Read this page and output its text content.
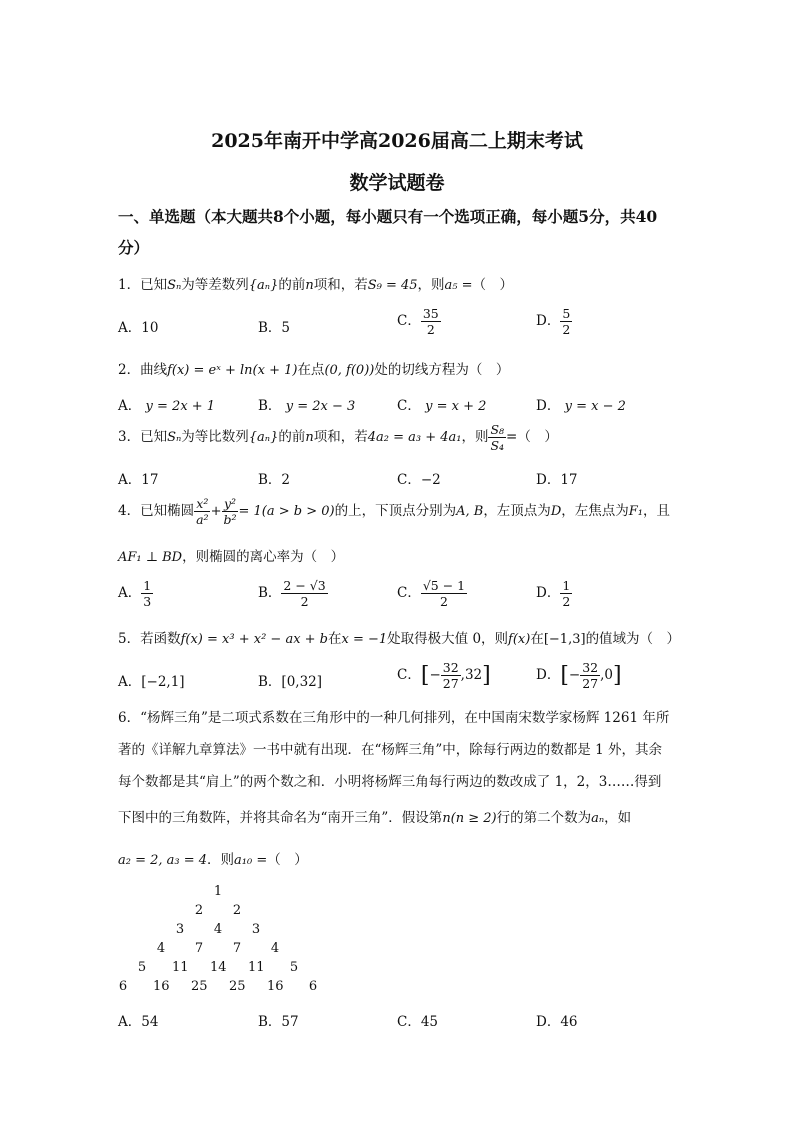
2025年南开中学高2026届高二上期末考试
数学试题卷
一、单选题（本大题共8个小题，每小题只有一个选项正确，每小题5分，共40
分）
1．已知Sₙ为等差数列{aₙ}的前n项和，若S₉ = 45，则a₅ =（　）
A．10	B．5	C． $\frac{35}{2}$	D． $\frac{5}{2}$
2．曲线f(x) = eˣ + ln(x + 1)在点(0, f(0))处的切线方程为（　）
A． y = 2x + 1	B． y = 2x − 3	C． y = x + 2	D． y = x − 2
3．已知Sₙ为等比数列{aₙ}的前n项和，若4a₂ = a₃ + 4a₁，则 $\frac{\text{S₈}}{\text{S₄}}$ =（　）
A．17	B．2	C．−2	D．17
4．已知椭圆 $\frac{\text{x²}}{\text{a²}} + \frac{\text{y²}}{\text{b²}} = 1(a > b > 0)$的上，下顶点分别为A, B，左顶点为D，左焦点为F₁，且
AF₁ ⊥ BD，则椭圆的离心率为（　）
A． $\frac{1}{3}$	B． $\frac{2 - √3}{2}$	C． $\frac{√5 - 1}{2}$	D． $\frac{1}{2}$
5．若函数f(x) = x³ + x² − ax + b在x = −1处取得极大值 0，则f(x)在[−1,3]的值域为（　）
A．[−2,1]	B．[0,32]	C．[− $\frac{32}{27} ,32$]	D．[− $\frac{32}{27} ,0$]
6．“杨辉三角”是二项式系数在三角形中的一种几何排列，在中国南宋数学家杨辉 1261 年所
著的《详解九章算法》一书中就有出现．在“杨辉三角”中，除每行两边的数都是 1 外，其余
每个数都是其“肩上”的两个数之和．小明将杨辉三角每行两边的数改成了 1，2，3……得到
下图中的三角数阵，并将其命名为“南开三角”．假设第n(n ≥ 2)行的第二个数为aₙ，如
a₂ = 2, a₃ = 4．则a₁₀ =（　）
1
2 2
3 4 3
4 7 7 4
5 11 14 11 5
6 16 25 25 16 6
A．54	B．57	C．45	D．46
